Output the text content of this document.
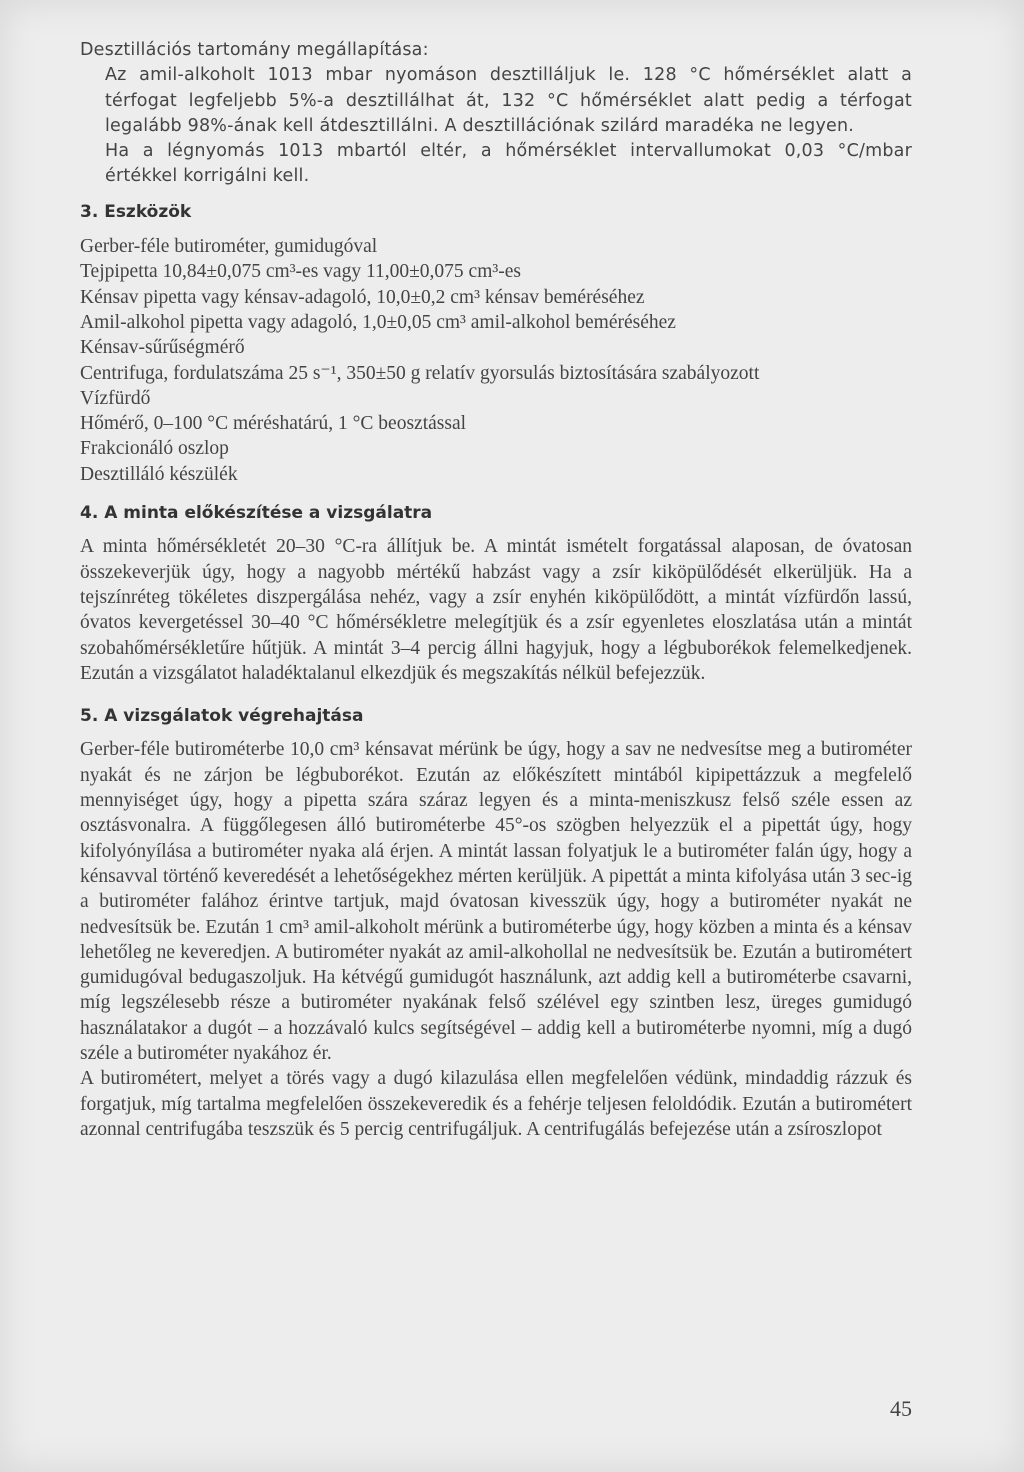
Desztillációs tartomány megállapítása:

Az amil-alkoholt 1013 mbar nyomáson desztilláljuk le. 128 °C hőmérséklet alatt a térfogat legfeljebb 5%-a desztillálhat át, 132 °C hőmérséklet alatt pedig a térfogat legalább 98%-ának kell átdesztillálni. A desztillációnak szilárd maradéka ne legyen.

Ha a légnyomás 1013 mbartól eltér, a hőmérséklet intervallumokat 0,03 °C/mbar értékkel korrigálni kell.

3. Eszközök

Gerber-féle butirométer, gumidugóval

Tejpipetta 10,84±0,075 cm³-es vagy 11,00±0,075 cm³-es

Kénsav pipetta vagy kénsav-adagoló, 10,0±0,2 cm³ kénsav beméréséhez

Amil-alkohol pipetta vagy adagoló, 1,0±0,05 cm³ amil-alkohol beméréséhez

Kénsav-sűrűségmérő

Centrifuga, fordulatszáma 25 s⁻¹, 350±50 g relatív gyorsulás biztosítására szabályozott

Vízfürdő

Hőmérő, 0–100 °C méréshatárú, 1 °C beosztással

Frakcionáló oszlop

Desztilláló készülék

4. A minta előkészítése a vizsgálatra

A minta hőmérsékletét 20–30 °C-ra állítjuk be. A mintát ismételt forgatással alaposan, de óvatosan összekeverjük úgy, hogy a nagyobb mértékű habzást vagy a zsír kiköpülődését elkerüljük. Ha a tejszínréteg tökéletes diszpergálása nehéz, vagy a zsír enyhén kiköpülődött, a mintát vízfürdőn lassú, óvatos kevergetéssel 30–40 °C hőmérsékletre melegítjük és a zsír egyenletes eloszlatása után a mintát szobahőmérsékletűre hűtjük. A mintát 3–4 percig állni hagyjuk, hogy a légbuborékok felemelkedjenek. Ezután a vizsgálatot haladéktalanul elkezdjük és megszakítás nélkül befejezzük.

5. A vizsgálatok végrehajtása

Gerber-féle butirométerbe 10,0 cm³ kénsavat mérünk be úgy, hogy a sav ne nedvesítse meg a butirométer nyakát és ne zárjon be légbuborékot. Ezután az előkészített mintából kipipettázzuk a megfelelő mennyiséget úgy, hogy a pipetta szára száraz legyen és a minta-meniszkusz felső széle essen az osztásvonalra. A függőlegesen álló butirométerbe 45°-os szögben helyezzük el a pipettát úgy, hogy kifolyónyílása a butirométer nyaka alá érjen. A mintát lassan folyatjuk le a butirométer falán úgy, hogy a kénsavval történő keveredését a lehetőségekhez mérten kerüljük. A pipettát a minta kifolyása után 3 sec-ig a butirométer falához érintve tartjuk, majd óvatosan kivesszük úgy, hogy a butirométer nyakát ne nedvesítsük be. Ezután 1 cm³ amil-alkoholt mérünk a butirométerbe úgy, hogy közben a minta és a kénsav lehetőleg ne keveredjen. A butirométer nyakát az amil-alkohollal ne nedvesítsük be. Ezután a butirométert gumidugóval bedugaszoljuk. Ha kétvégű gumidugót használunk, azt addig kell a butirométerbe csavarni, míg legszélesebb része a butirométer nyakának felső szélével egy szintben lesz, üreges gumidugó használatakor a dugót – a hozzávaló kulcs segítségével – addig kell a butirométerbe nyomni, míg a dugó széle a butirométer nyakához ér.

A butirométert, melyet a törés vagy a dugó kilazulása ellen megfelelően védünk, mindaddig rázzuk és forgatjuk, míg tartalma megfelelően összekeveredik és a fehérje teljesen feloldódik. Ezután a butirométert azonnal centrifugába teszszük és 5 percig centrifugáljuk. A centrifugálás befejezése után a zsíroszlopot

45
